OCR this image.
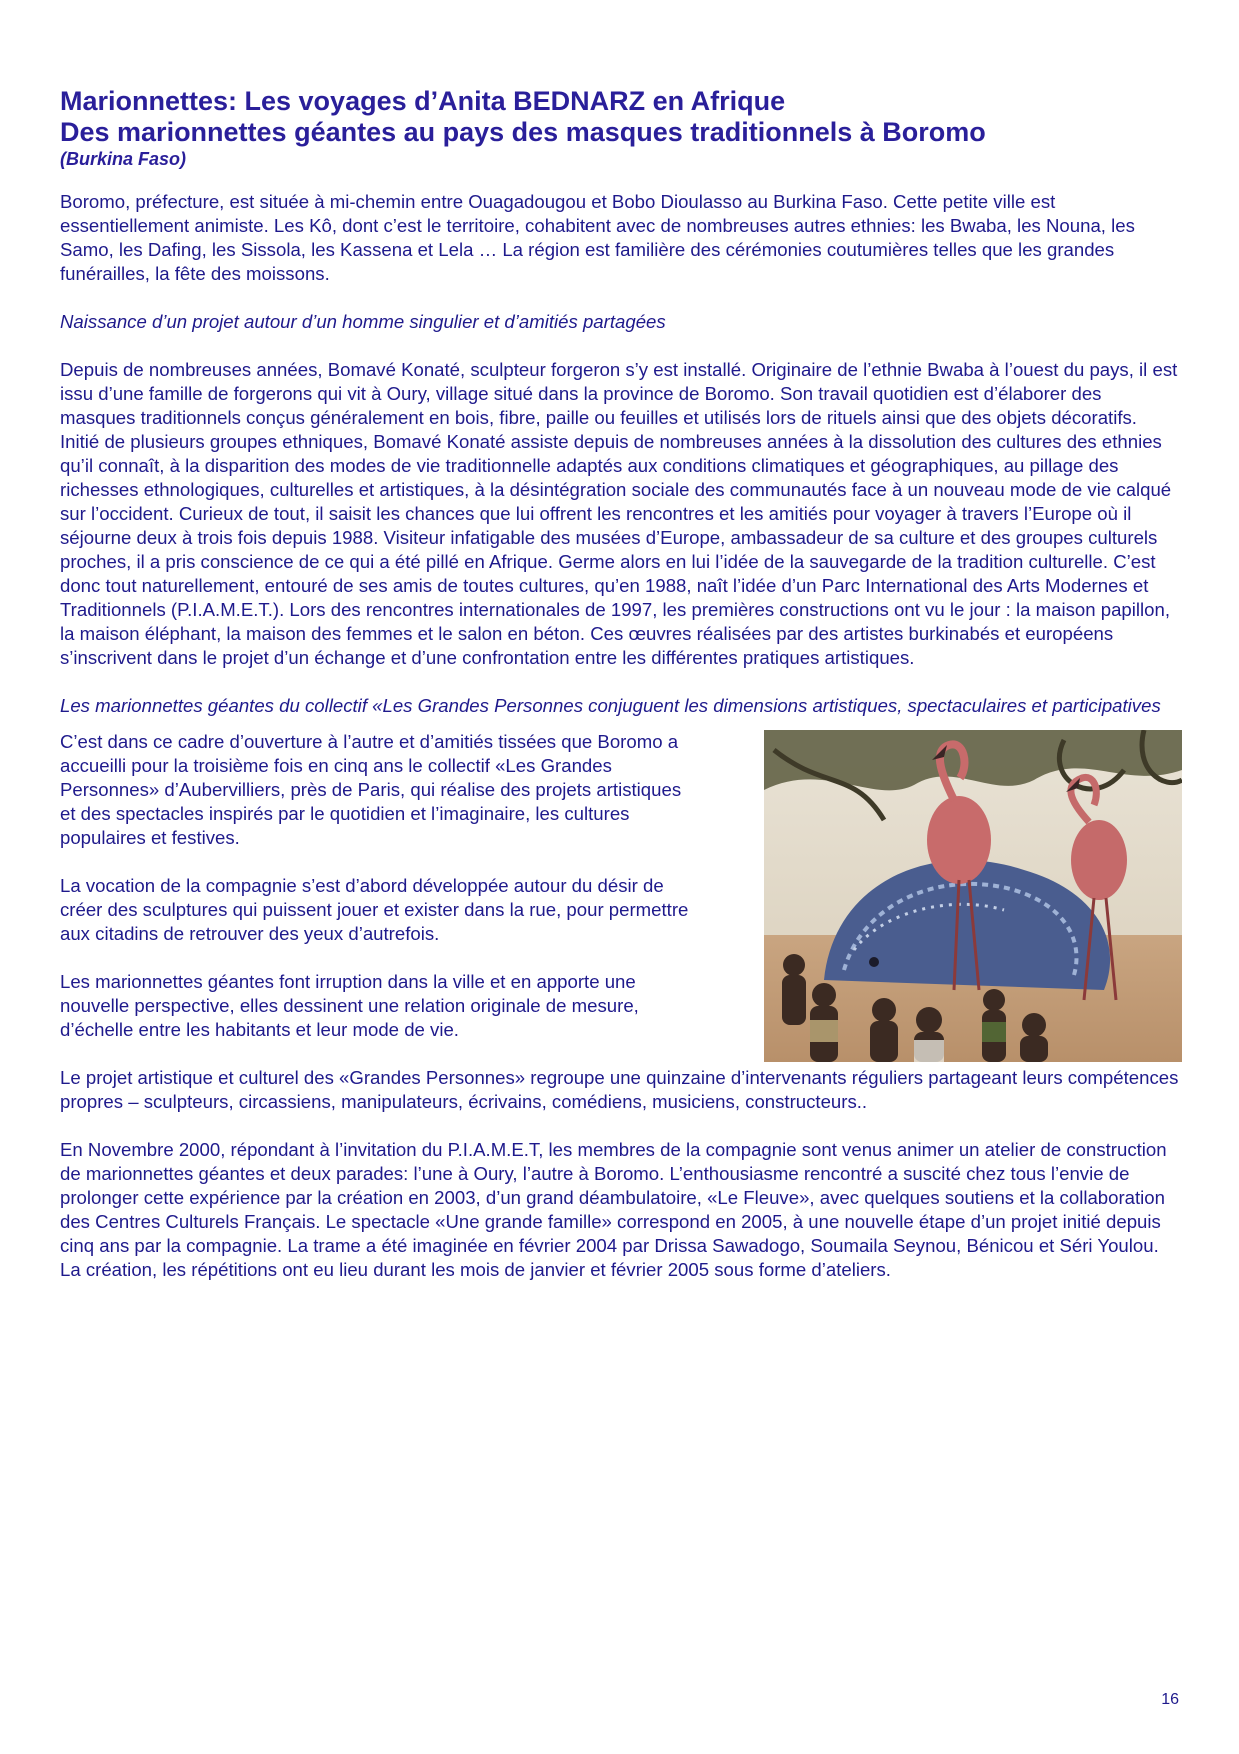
Marionnettes: Les voyages d’Anita BEDNARZ en Afrique
Des marionnettes géantes au pays des masques traditionnels à Boromo
(Burkina Faso)

Boromo, préfecture, est située à mi-chemin entre Ouagadougou et Bobo Dioulasso au Burkina Faso. Cette petite ville est essentiellement animiste. Les Kô, dont c’est le territoire, cohabitent avec de nombreuses autres ethnies: les Bwaba, les Nouna, les Samo, les Dafing, les Sissola, les Kassena et Lela … La région est familière des cérémonies coutumières telles que les grandes funérailles, la fête des moissons.

Naissance d’un projet autour d’un homme singulier et d’amitiés partagées

Depuis de nombreuses années, Bomavé Konaté, sculpteur forgeron s’y est installé. Originaire de l’ethnie Bwaba à l’ouest du pays, il est issu d’une famille de forgerons qui vit à Oury, village situé dans la province de Boromo. Son travail quotidien est d’élaborer des masques traditionnels conçus généralement en bois, fibre, paille ou feuilles et utilisés lors de rituels ainsi que des objets décoratifs.

Initié de plusieurs groupes ethniques, Bomavé Konaté assiste depuis de nombreuses années à la dissolution des cultures des ethnies qu’il connaît, à la disparition des modes de vie traditionnelle adaptés aux conditions climatiques et géographiques, au pillage des richesses ethnologiques, culturelles et artistiques, à la désintégration sociale des communautés face à un nouveau mode de vie calqué sur l’occident. Curieux de tout, il saisit les chances que lui offrent les rencontres et les amitiés pour voyager à travers l’Europe où il séjourne deux à trois fois depuis 1988. Visiteur infatigable des musées d’Europe, ambassadeur de sa culture et des groupes culturels proches, il a pris conscience de ce qui a été pillé en Afrique. Germe alors en lui l’idée de la sauvegarde de la tradition culturelle. C’est donc tout naturellement, entouré de ses amis de toutes cultures, qu’en 1988, naît l’idée d’un Parc International des Arts Modernes et Traditionnels (P.I.A.M.E.T.). Lors des rencontres internationales de 1997, les premières constructions ont vu le jour : la maison papillon, la maison éléphant, la maison des femmes et le salon en béton. Ces œuvres réalisées par des artistes burkinabés et européens s’inscrivent dans le projet d’un échange et d’une confrontation entre les différentes pratiques artistiques.

Les marionnettes géantes du collectif «Les Grandes Personnes conjuguent les dimensions artistiques, spectaculaires et participatives

C’est dans ce cadre d’ouverture à l’autre et d’amitiés tissées que Boromo a accueilli pour la troisième fois en cinq ans le collectif «Les Grandes Personnes» d’Aubervilliers, près de Paris, qui réalise des projets artistiques et des spectacles inspirés par le quotidien et l’imaginaire, les cultures populaires et festives.

La vocation de la compagnie s’est d’abord développée autour du désir de créer des sculptures qui puissent jouer et exister dans la rue, pour permettre aux citadins de retrouver des yeux d’autrefois.

Les marionnettes géantes font irruption dans la ville et en apporte une nouvelle perspective, elles dessinent une relation originale de mesure, d’échelle entre les habitants et leur mode de vie.

Le projet artistique et culturel des «Grandes Personnes» regroupe une quinzaine d’intervenants réguliers partageant leurs compétences propres – sculpteurs, circassiens, manipulateurs, écrivains, comédiens, musiciens, constructeurs..

En Novembre 2000, répondant à l’invitation du P.I.A.M.E.T, les membres de la compagnie sont venus animer un atelier de construction de marionnettes géantes et deux parades: l’une à Oury, l’autre à Boromo. L’enthousiasme rencontré a suscité chez tous l’envie de prolonger cette expérience par la création en 2003, d’un grand déambulatoire, «Le Fleuve», avec quelques soutiens et la collaboration des Centres Culturels Français. Le spectacle «Une grande famille» correspond en 2005, à une nouvelle étape d’un projet initié depuis cinq ans par la compagnie. La trame a été imaginée en février 2004 par Drissa Sawadogo, Soumaila Seynou, Bénicou et Séri Youlou. La création, les répétitions ont eu lieu durant les mois de janvier et février 2005 sous forme d’ateliers.

16
